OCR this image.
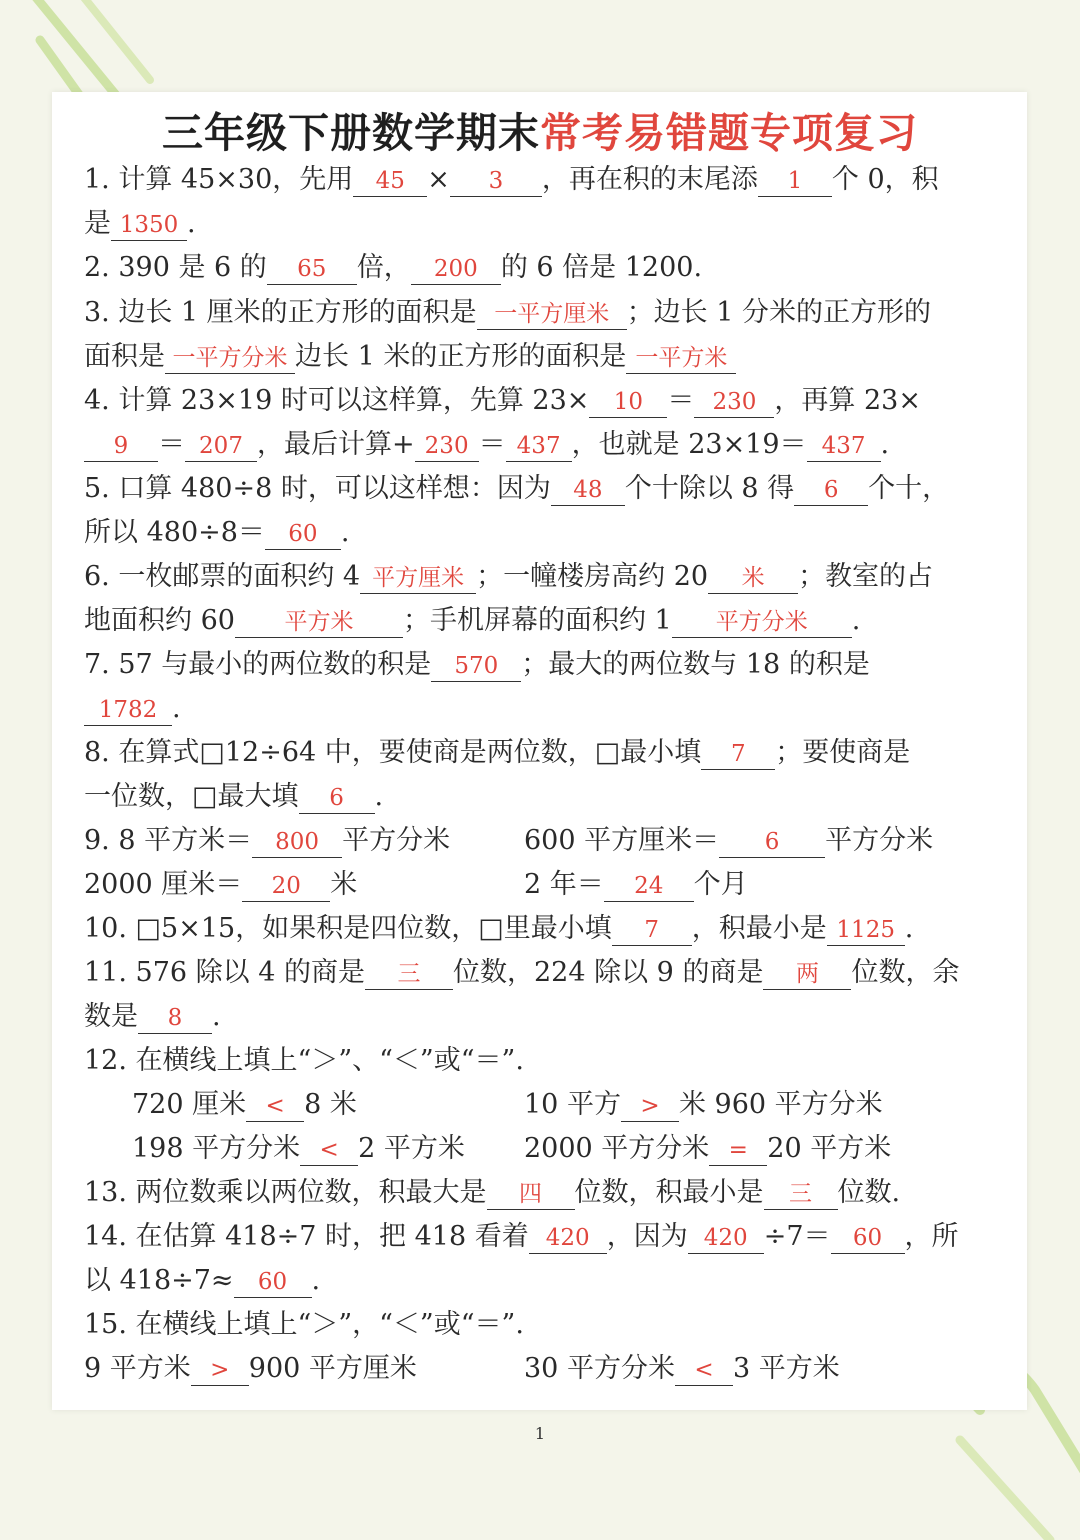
三年级下册数学期末常考易错题专项复习
1. 计算 45×30，先用 45 × 3 ，再在积的末尾添 1 个 0，积
是 1350 .
2. 390 是 6 的 65 倍， 200 的 6 倍是 1200.
3. 边长 1 厘米的正方形的面积是 一平方厘米 ；边长 1 分米的正方形的
面积是 一平方分米 边长 1 米的正方形的面积是 一平方米
4. 计算 23×19 时可以这样算，先算 23× 10 ＝ 230 ，再算 23×
9 ＝ 207 ，最后计算+ 230 ＝ 437 ，也就是 23×19＝ 437 .
5. 口算 480÷8 时，可以这样想：因为 48 个十除以 8 得 6 个十，
所以 480÷8＝ 60 .
6. 一枚邮票的面积约 4 平方厘米 ；一幢楼房高约 20 米 ；教室的占
地面积约 60 平方米 ；手机屏幕的面积约 1 平方分米 .
7. 57 与最小的两位数的积是 570 ；最大的两位数与 18 的积是
1782 .
8. 在算式□12÷64 中，要使商是两位数，□最小填 7 ；要使商是
一位数，□最大填 6 .
9. 8 平方米＝ 800 平方分米	600 平方厘米＝ 6 平方分米
2000 厘米＝ 20 米	2 年＝ 24 个月
10. □5×15，如果积是四位数，□里最小填 7 ，积最小是 1125 .
11. 576 除以 4 的商是 三 位数，224 除以 9 的商是 两 位数，余
数是 8 .
12. 在横线上填上“＞”、“＜”或“＝”.
720 厘米 < 8 米	10 平方 > 米 960 平方分米
198 平方分米 < 2 平方米 2000 平方分米 = 20 平方米
13. 两位数乘以两位数，积最大是 四 位数，积最小是 三 位数.
14. 在估算 418÷7 时，把 418 看着 420 ，因为 420 ÷7＝ 60 ，所
以 418÷7≈ 60 .
15. 在横线上填上“＞”，“＜”或“＝”.
9 平方米 > 900 平方厘米	30 平方分米 < 3 平方米
1
